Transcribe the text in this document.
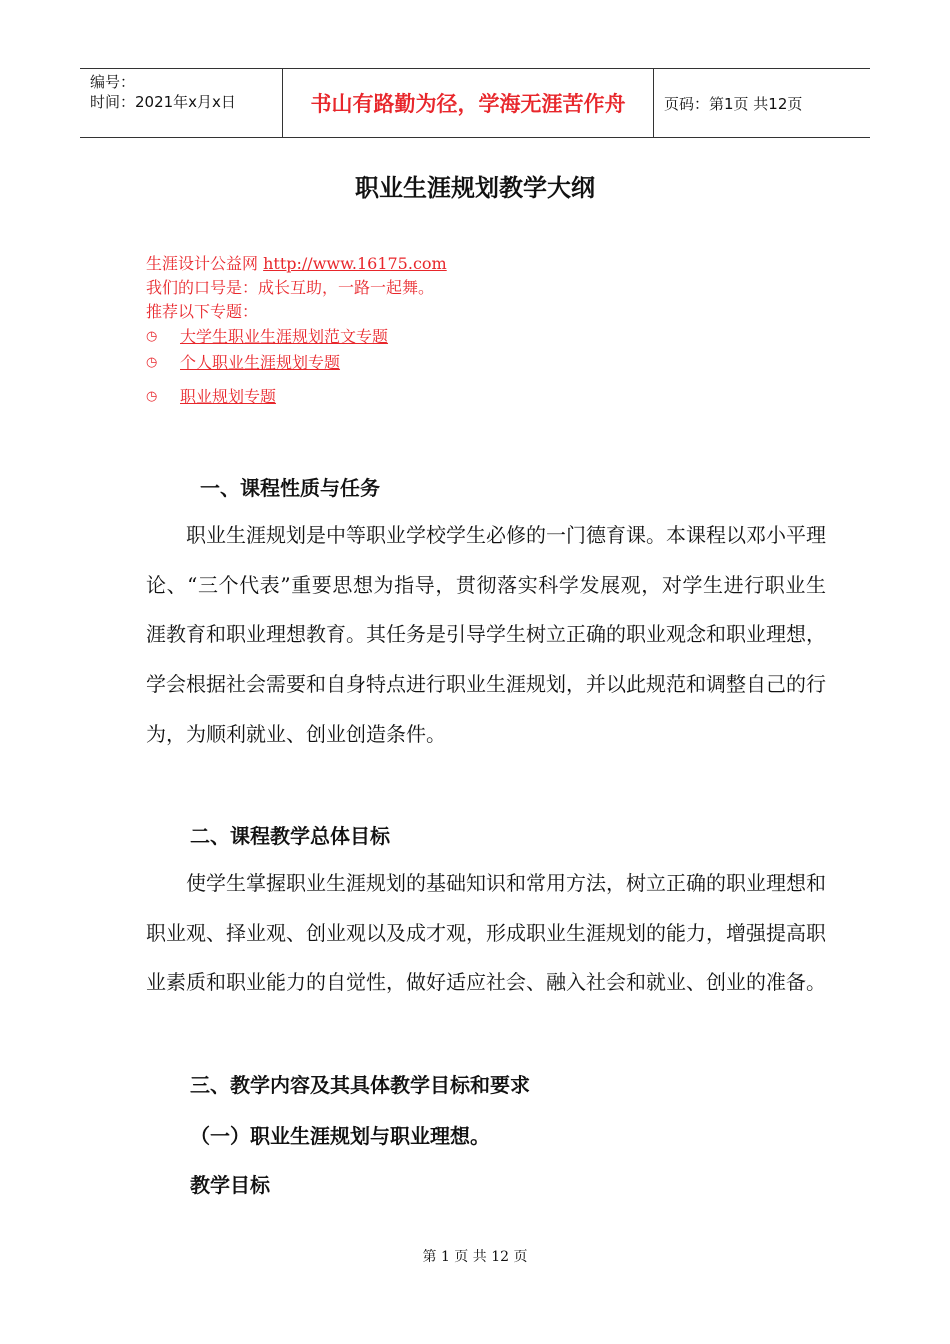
编号：
时间：2021年x月x日	书山有路勤为径，学海无涯苦作舟	页码：第1页 共12页
职业生涯规划教学大纲
生涯设计公益网 http://www.16175.com
我们的口号是：成长互助，一路一起舞。
推荐以下专题：
◷	大学生职业生涯规划范文专题
◷	个人职业生涯规划专题
◷	职业规划专题
一、课程性质与任务

职业生涯规划是中等职业学校学生必修的一门德育课。本课程以邓小平理论、“三个代表”重要思想为指导，贯彻落实科学发展观，对学生进行职业生涯教育和职业理想教育。其任务是引导学生树立正确的职业观念和职业理想，学会根据社会需要和自身特点进行职业生涯规划，并以此规范和调整自己的行为，为顺利就业、创业创造条件。

二、课程教学总体目标

使学生掌握职业生涯规划的基础知识和常用方法，树立正确的职业理想和职业观、择业观、创业观以及成才观，形成职业生涯规划的能力，增强提高职业素质和职业能力的自觉性，做好适应社会、融入社会和就业、创业的准备。

三、教学内容及其具体教学目标和要求
（一）职业生涯规划与职业理想。
教学目标
第 1 页 共 12 页
